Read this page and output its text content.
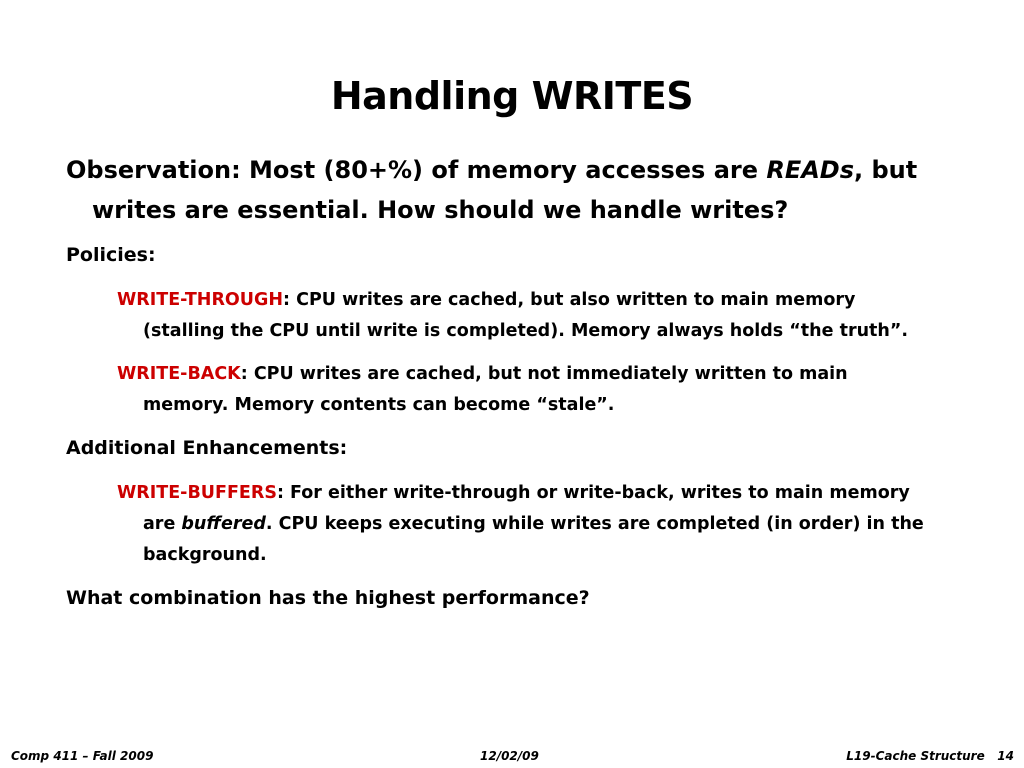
Handling WRITES

Observation: Most (80+%) of memory accesses are READs, but writes are essential. How should we handle writes?

Policies:

WRITE-THROUGH: CPU writes are cached, but also written to main memory (stalling the CPU until write is completed). Memory always holds “the truth”.

WRITE-BACK: CPU writes are cached, but not immediately written to main memory. Memory contents can become “stale”.

Additional Enhancements:

WRITE-BUFFERS: For either write-through or write-back, writes to main memory are buffered. CPU keeps executing while writes are completed (in order) in the background.

What combination has the highest performance?

Comp 411 – Fall 2009	12/02/09	L19-Cache Structure 14
